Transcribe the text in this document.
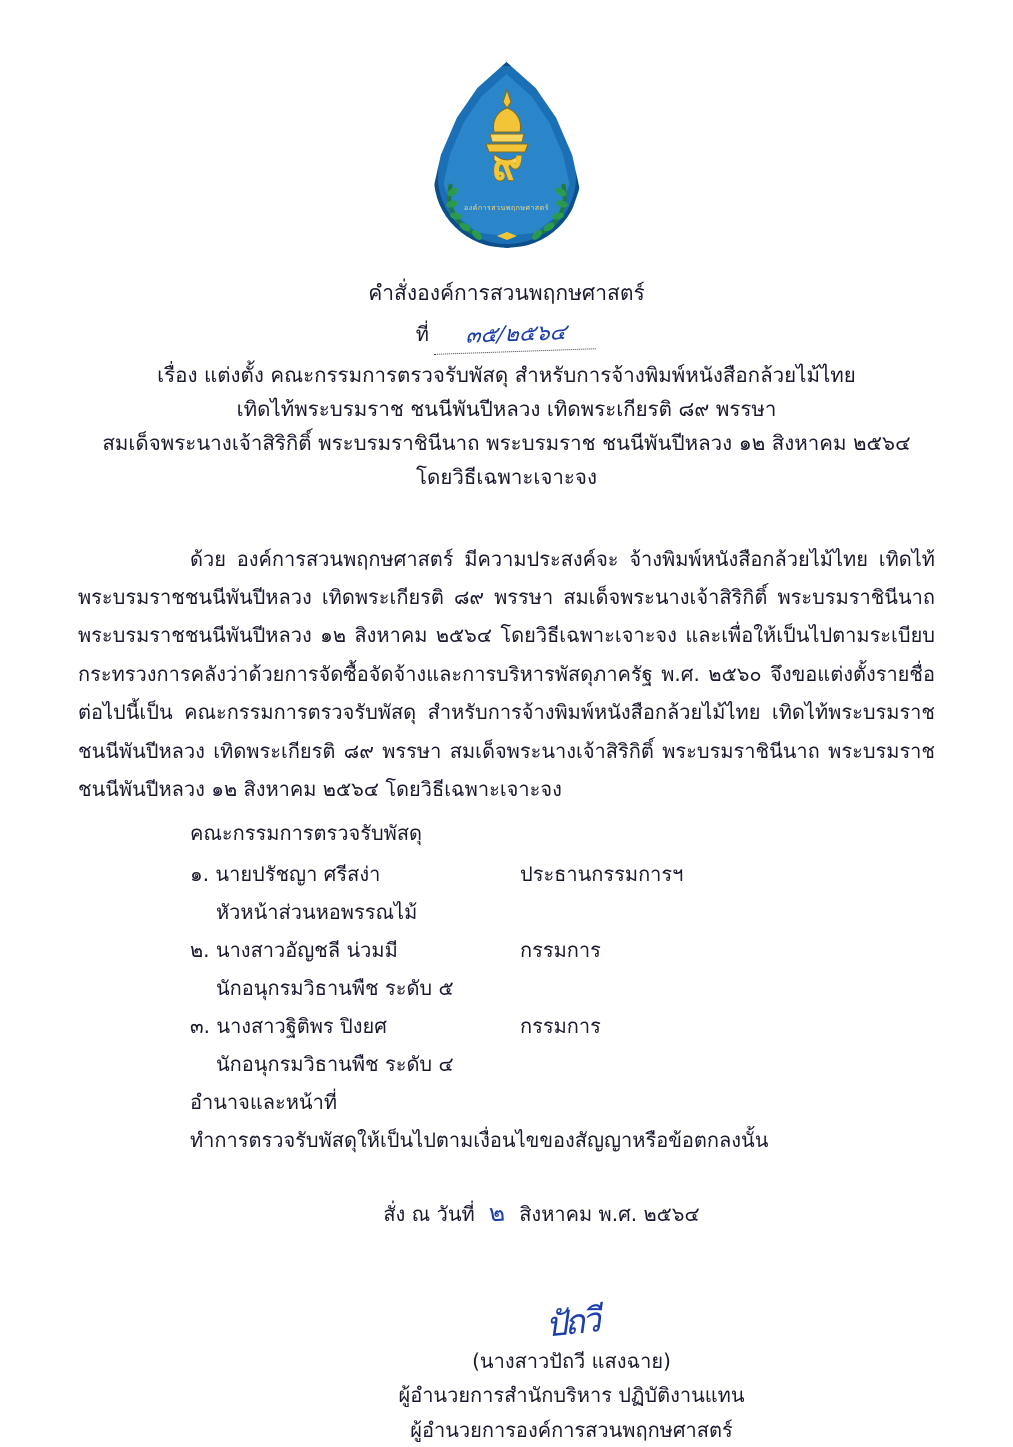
๙
องค์การสวนพฤกษศาสตร์
คำสั่งองค์การสวนพฤกษศาสตร์
ที่ ๓๕/๒๕๖๔
เรื่อง แต่งตั้ง คณะกรรมการตรวจรับพัสดุ สำหรับการจ้างพิมพ์หนังสือกล้วยไม้ไทย
เทิดไท้พระบรมราช ชนนีพันปีหลวง เทิดพระเกียรติ ๘๙ พรรษา
สมเด็จพระนางเจ้าสิริกิติ์ พระบรมราชินีนาถ พระบรมราช ชนนีพันปีหลวง ๑๒ สิงหาคม ๒๕๖๔
โดยวิธีเฉพาะเจาะจง

ด้วย องค์การสวนพฤกษศาสตร์ มีความประสงค์จะ จ้างพิมพ์หนังสือกล้วยไม้ไทย เทิดไท้พระบรมราชชนนีพันปีหลวง เทิดพระเกียรติ ๘๙ พรรษา สมเด็จพระนางเจ้าสิริกิติ์ พระบรมราชินีนาถ พระบรมราชชนนีพันปีหลวง ๑๒ สิงหาคม ๒๕๖๔ โดยวิธีเฉพาะเจาะจง และเพื่อให้เป็นไปตามระเบียบกระทรวงการคลังว่าด้วยการจัดซื้อจัดจ้างและการบริหารพัสดุภาครัฐ พ.ศ. ๒๕๖๐ จึงขอแต่งตั้งรายชื่อต่อไปนี้เป็น คณะกรรมการตรวจรับพัสดุ สำหรับการจ้างพิมพ์หนังสือกล้วยไม้ไทย เทิดไท้พระบรมราชชนนีพันปีหลวง เทิดพระเกียรติ ๘๙ พรรษา สมเด็จพระนางเจ้าสิริกิติ์ พระบรมราชินีนาถ พระบรมราชชนนีพันปีหลวง ๑๒ สิงหาคม ๒๕๖๔ โดยวิธีเฉพาะเจาะจง

คณะกรรมการตรวจรับพัสดุ
๑. นายปรัชญา ศรีสง่า	ประธานกรรมการฯ
หัวหน้าส่วนหอพรรณไม้
๒. นางสาวอัญชลี น่วมมี	กรรมการ
นักอนุกรมวิธานพืช ระดับ ๕
๓. นางสาวฐิติพร ปิงยศ	กรรมการ
นักอนุกรมวิธานพืช ระดับ ๔
อำนาจและหน้าที่
ทำการตรวจรับพัสดุให้เป็นไปตามเงื่อนไขของสัญญาหรือข้อตกลงนั้น
สั่ง ณ วันที่ ๒ สิงหาคม พ.ศ. ๒๕๖๔
ปัถวี
(นางสาวปัถวี แสงฉาย)
ผู้อำนวยการสำนักบริหาร ปฏิบัติงานแทน
ผู้อำนวยการองค์การสวนพฤกษศาสตร์
